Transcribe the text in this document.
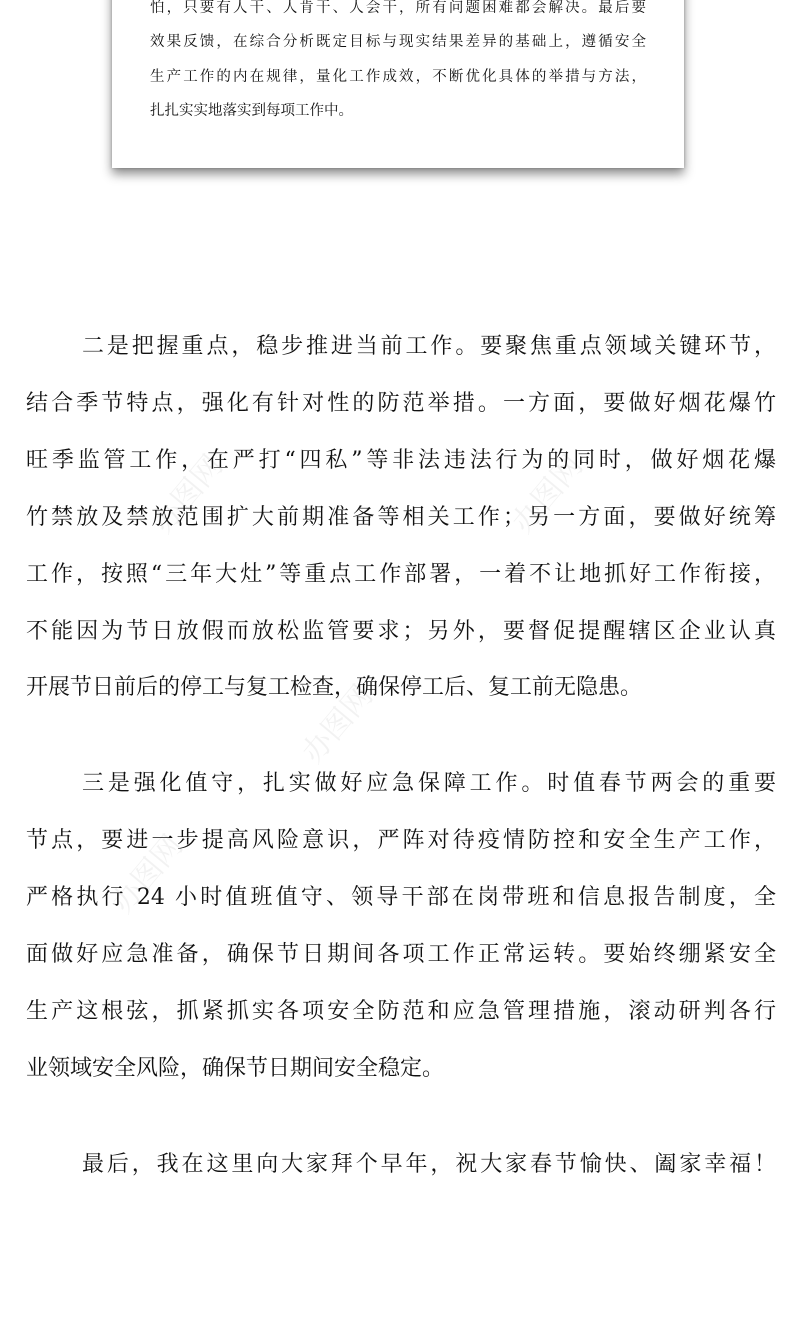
怕，只要有人干、人肯干、人会干，所有问题困难都会解决。最后要
效果反馈，在综合分析既定目标与现实结果差异的基础上，遵循安全
生产工作的内在规律，量化工作成效，不断优化具体的举措与方法，
扎扎实实地落实到每项工作中。
办图网	办图网
办图网
办图网
二是把握重点，稳步推进当前工作。要聚焦重点领域关键环节，
结合季节特点，强化有针对性的防范举措。一方面，要做好烟花爆竹
旺季监管工作，在严打“四私”等非法违法行为的同时，做好烟花爆
竹禁放及禁放范围扩大前期准备等相关工作；另一方面，要做好统筹
工作，按照“三年大灶”等重点工作部署，一着不让地抓好工作衔接，
不能因为节日放假而放松监管要求；另外，要督促提醒辖区企业认真
开展节日前后的停工与复工检查，确保停工后、复工前无隐患。
三是强化值守，扎实做好应急保障工作。时值春节两会的重要
节点，要进一步提高风险意识，严阵对待疫情防控和安全生产工作，
严格执行 24 小时值班值守、领导干部在岗带班和信息报告制度，全
面做好应急准备，确保节日期间各项工作正常运转。要始终绷紧安全
生产这根弦，抓紧抓实各项安全防范和应急管理措施，滚动研判各行
业领域安全风险，确保节日期间安全稳定。
最后，我在这里向大家拜个早年，祝大家春节愉快、阖家幸福！
